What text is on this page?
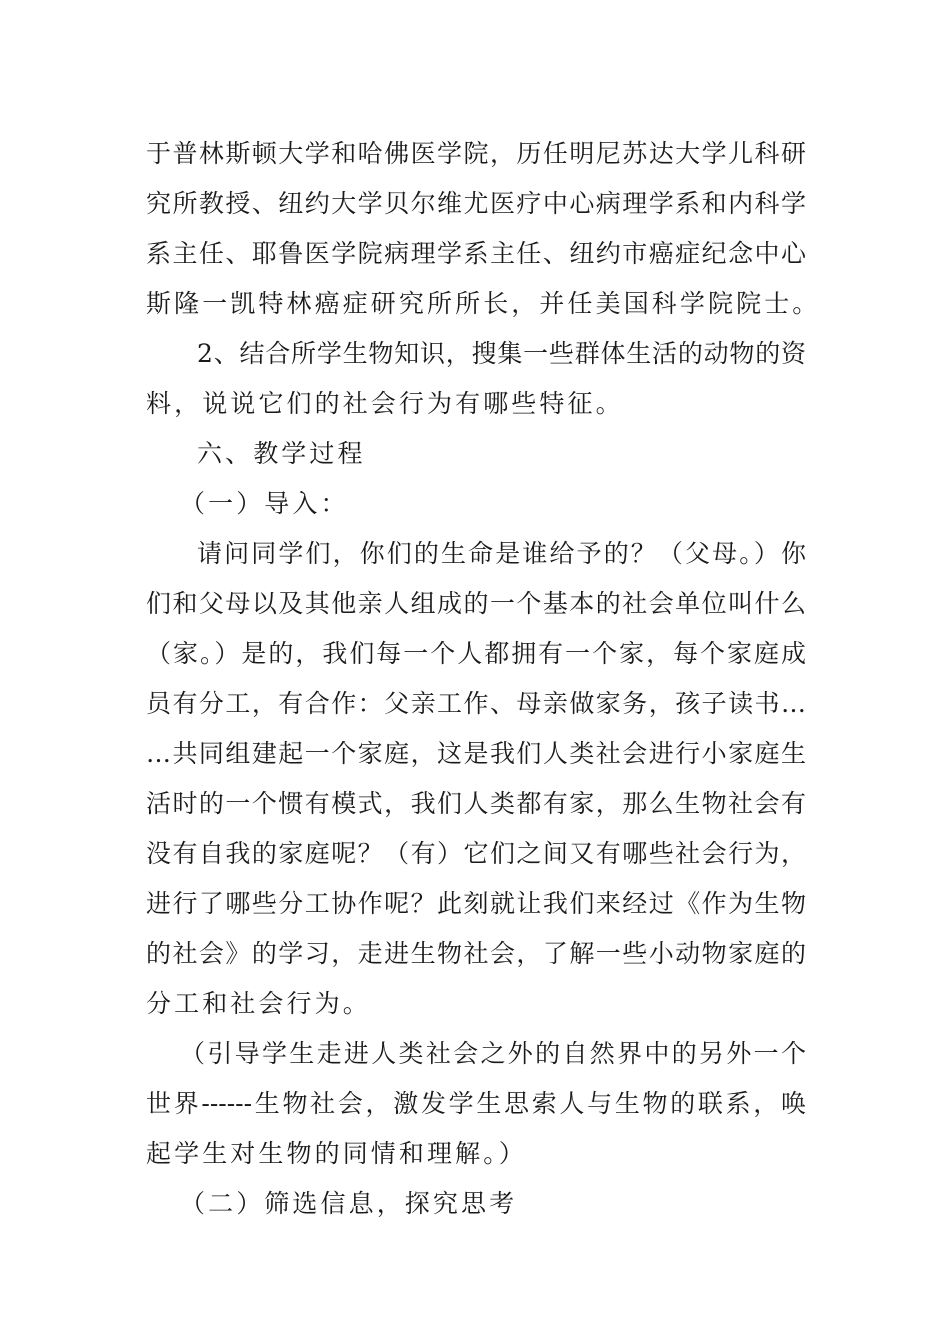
于普林斯顿大学和哈佛医学院，历任明尼苏达大学儿科研
究所教授、纽约大学贝尔维尤医疗中心病理学系和内科学
系主任、耶鲁医学院病理学系主任、纽约市癌症纪念中心
斯隆一凯特林癌症研究所所长，并任美国科学院院士。
2、结合所学生物知识，搜集一些群体生活的动物的资
料，说说它们的社会行为有哪些特征。
六、教学过程
（一）导入：
请问同学们，你们的生命是谁给予的？（父母。）你
们和父母以及其他亲人组成的一个基本的社会单位叫什么
（家。）是的，我们每一个人都拥有一个家，每个家庭成
员有分工，有合作：父亲工作、母亲做家务，孩子读书…
…共同组建起一个家庭，这是我们人类社会进行小家庭生
活时的一个惯有模式，我们人类都有家，那么生物社会有
没有自我的家庭呢？（有）它们之间又有哪些社会行为，
进行了哪些分工协作呢？此刻就让我们来经过《作为生物
的社会》的学习，走进生物社会，了解一些小动物家庭的
分工和社会行为。
（引导学生走进人类社会之外的自然界中的另外一个
世界------生物社会，激发学生思索人与生物的联系，唤
起学生对生物的同情和理解。）
（二）筛选信息，探究思考
